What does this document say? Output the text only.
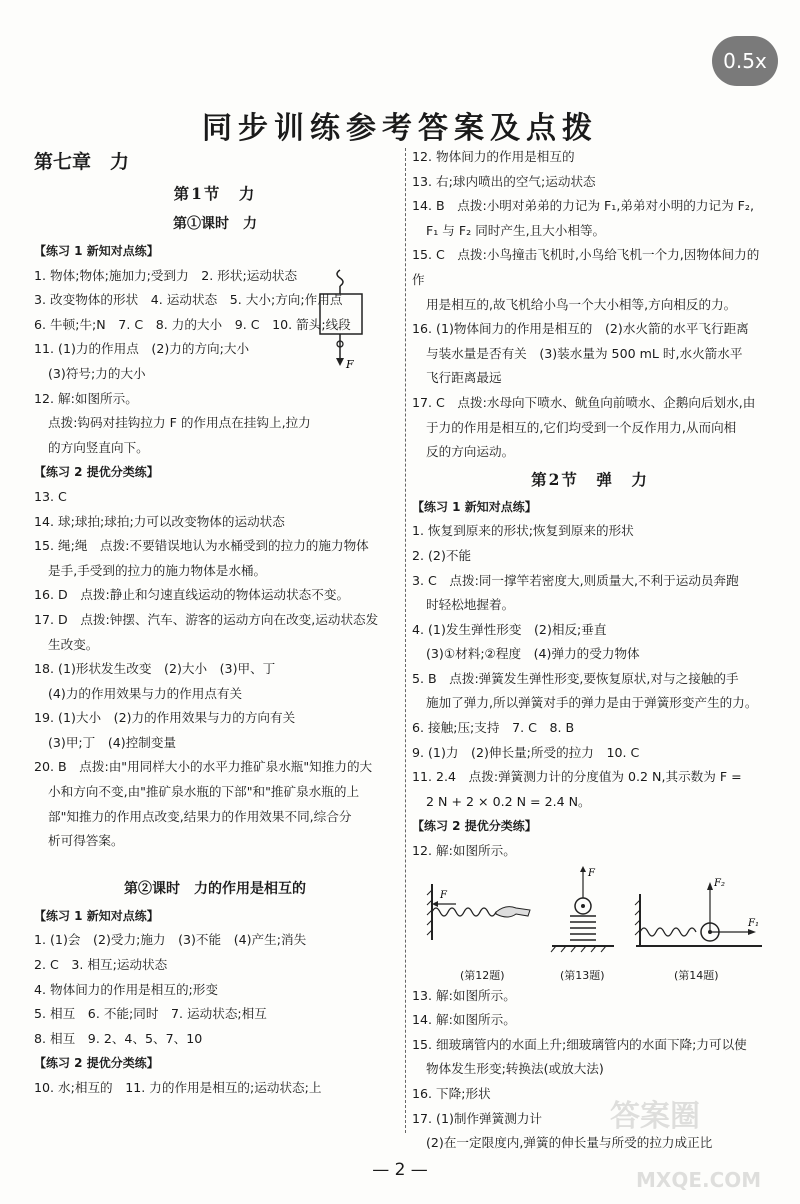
0.5x
同步训练参考答案及点拨

第七章　力

第1节　力

第①课时　力

【练习 1 新知对点练】

1. 物体;物体;施加力;受到力　2. 形状;运动状态

3. 改变物体的形状　4. 运动状态　5. 大小;方向;作用点

6. 牛顿;牛;N　7. C　8. 力的大小　9. C　10. 箭头;线段

11. (1)力的作用点　(2)力的方向;大小

(3)符号;力的大小

12. 解:如图所示。

点拨:钩码对挂钩拉力 F 的作用点在挂钩上,拉力

的方向竖直向下。

【练习 2 提优分类练】

13. C

14. 球;球拍;球拍;力可以改变物体的运动状态

15. 绳;绳　点拨:不要错误地认为水桶受到的拉力的施力物体

是手,手受到的拉力的施力物体是水桶。

16. D　点拨:静止和匀速直线运动的物体运动状态不变。

17. D　点拨:钟摆、汽车、游客的运动方向在改变,运动状态发

生改变。

18. (1)形状发生改变　(2)大小　(3)甲、丁

(4)力的作用效果与力的作用点有关

19. (1)大小　(2)力的作用效果与力的方向有关

(3)甲;丁　(4)控制变量

20. B　点拨:由"用同样大小的水平力推矿泉水瓶"知推力的大

小和方向不变,由"推矿泉水瓶的下部"和"推矿泉水瓶的上

部"知推力的作用点改变,结果力的作用效果不同,综合分

析可得答案。

第②课时　力的作用是相互的

【练习 1 新知对点练】

1. (1)会　(2)受力;施力　(3)不能　(4)产生;消失

2. C　3. 相互;运动状态

4. 物体间力的作用是相互的;形变

5. 相互　6. 不能;同时　7. 运动状态;相互

8. 相互　9. 2、4、5、7、10

【练习 2 提优分类练】

10. 水;相互的　11. 力的作用是相互的;运动状态;上

12. 物体间力的作用是相互的

13. 右;球内喷出的空气;运动状态

14. B　点拨:小明对弟弟的力记为 F₁,弟弟对小明的力记为 F₂,

F₁ 与 F₂ 同时产生,且大小相等。

15. C　点拨:小鸟撞击飞机时,小鸟给飞机一个力,因物体间力的作

用是相互的,故飞机给小鸟一个大小相等,方向相反的力。

16. (1)物体间力的作用是相互的　(2)水火箭的水平飞行距离

与装水量是否有关　(3)装水量为 500 mL 时,水火箭水平

飞行距离最远

17. C　点拨:水母向下喷水、鱿鱼向前喷水、企鹅向后划水,由

于力的作用是相互的,它们均受到一个反作用力,从而向相

反的方向运动。

第2节　弹　力

【练习 1 新知对点练】

1. 恢复到原来的形状;恢复到原来的形状

2. (2)不能

3. C　点拨:同一撑竿若密度大,则质量大,不利于运动员奔跑

时轻松地握着。

4. (1)发生弹性形变　(2)相反;垂直

(3)①材料;②程度　(4)弹力的受力物体

5. B　点拨:弹簧发生弹性形变,要恢复原状,对与之接触的手

施加了弹力,所以弹簧对手的弹力是由于弹簧形变产生的力。

6. 接触;压;支持　7. C　8. B

9. (1)力　(2)伸长量;所受的拉力　10. C

11. 2.4　点拨:弹簧测力计的分度值为 0.2 N,其示数为 F =

2 N + 2 × 0.2 N = 2.4 N。

【练习 2 提优分类练】

12. 解:如图所示。

F
F
F₂
F₁
(第12题)	(第13题)	(第14题)

13. 解:如图所示。

14. 解:如图所示。

15. 细玻璃管内的水面上升;细玻璃管内的水面下降;力可以使

物体发生形变;转换法(或放大法)

16. 下降;形状

17. (1)制作弹簧测力计

(2)在一定限度内,弹簧的伸长量与所受的拉力成正比

F
— 2 —
答案圈
MXQE.COM
